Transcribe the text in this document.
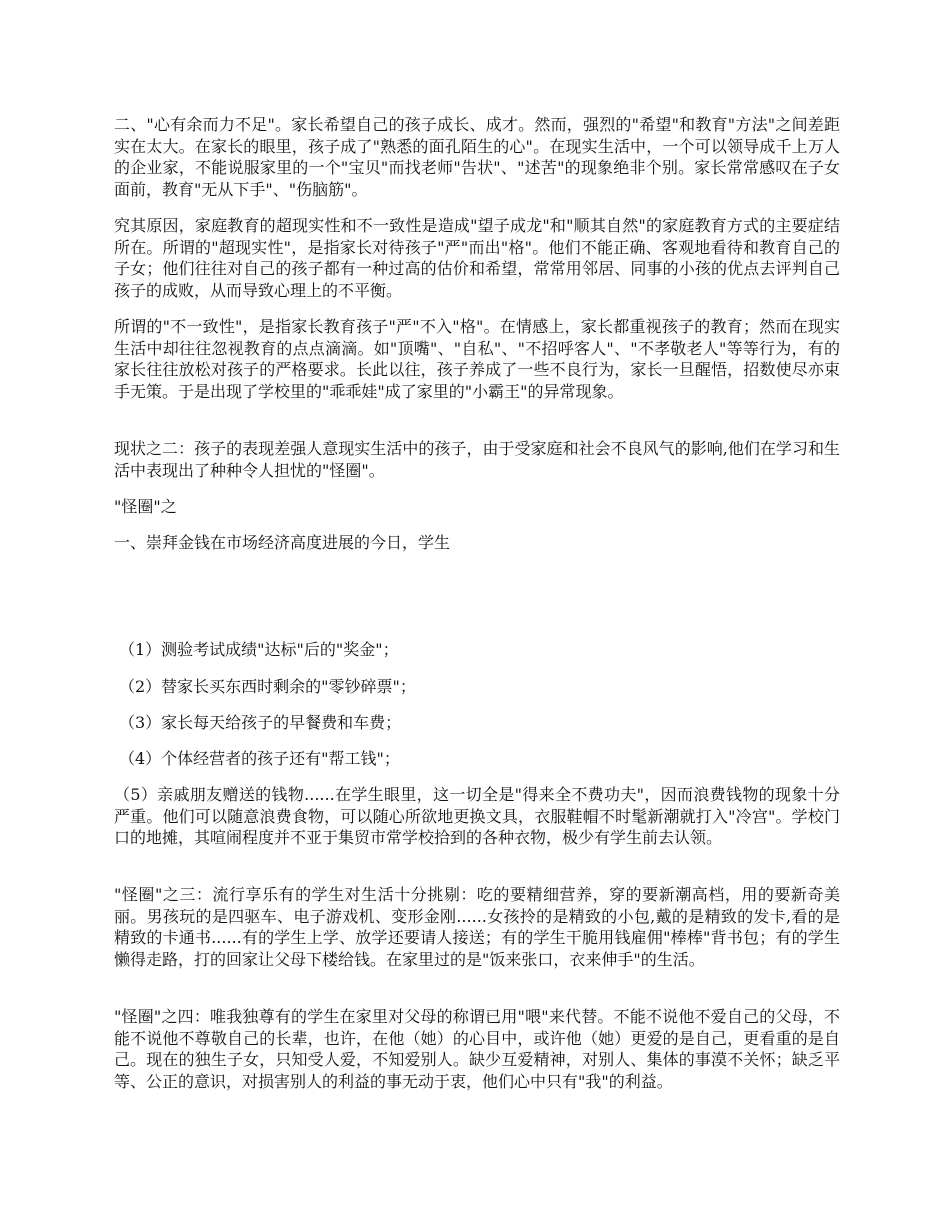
二、"心有余而力不足"。家长希望自己的孩子成长、成才。然而，强烈的"希望"和教育"方法"之间差距实在太大。在家长的眼里，孩子成了"熟悉的面孔陌生的心"。在现实生活中，一个可以领导成千上万人的企业家，不能说服家里的一个"宝贝"而找老师"告状"、"述苦"的现象绝非个别。家长常常感叹在子女面前，教育"无从下手"、"伤脑筋"。

究其原因，家庭教育的超现实性和不一致性是造成"望子成龙"和"顺其自然"的家庭教育方式的主要症结所在。所谓的"超现实性"，是指家长对待孩子"严"而出"格"。他们不能正确、客观地看待和教育自己的子女；他们往往对自己的孩子都有一种过高的估价和希望，常常用邻居、同事的小孩的优点去评判自己孩子的成败，从而导致心理上的不平衡。

所谓的"不一致性"，是指家长教育孩子"严"不入"格"。在情感上，家长都重视孩子的教育；然而在现实生活中却往往忽视教育的点点滴滴。如"顶嘴"、"自私"、"不招呼客人"、"不孝敬老人"等等行为，有的家长往往放松对孩子的严格要求。长此以往，孩子养成了一些不良行为，家长一旦醒悟，招数使尽亦束手无策。于是出现了学校里的"乖乖娃"成了家里的"小霸王"的异常现象。

现状之二：孩子的表现差强人意现实生活中的孩子，由于受家庭和社会不良风气的影响,他们在学习和生活中表现出了种种令人担忧的"怪圈"。

"怪圈"之

一、崇拜金钱在市场经济高度进展的今日，学生

（1）测验考试成绩"达标"后的"奖金"；

（2）替家长买东西时剩余的"零钞碎票"；

（3）家长每天给孩子的早餐费和车费；

（4）个体经营者的孩子还有"帮工钱"；

（5）亲戚朋友赠送的钱物......在学生眼里，这一切全是"得来全不费功夫"，因而浪费钱物的现象十分严重。他们可以随意浪费食物，可以随心所欲地更换文具，衣服鞋帽不时髦新潮就打入"冷宫"。学校门口的地摊，其喧闹程度并不亚于集贸市常学校拾到的各种衣物，极少有学生前去认领。

"怪圈"之三：流行享乐有的学生对生活十分挑剔：吃的要精细营养，穿的要新潮高档，用的要新奇美丽。男孩玩的是四驱车、电子游戏机、变形金刚......女孩拎的是精致的小包,戴的是精致的发卡,看的是精致的卡通书......有的学生上学、放学还要请人接送；有的学生干脆用钱雇佣"棒棒"背书包；有的学生懒得走路，打的回家让父母下楼给钱。在家里过的是"饭来张口，衣来伸手"的生活。

"怪圈"之四：唯我独尊有的学生在家里对父母的称谓已用"喂"来代替。不能不说他不爱自己的父母，不能不说他不尊敬自己的长辈，也许，在他（她）的心目中，或许他（她）更爱的是自己，更看重的是自己。现在的独生子女，只知受人爱，不知爱别人。缺少互爱精神，对别人、集体的事漠不关怀；缺乏平等、公正的意识，对损害别人的利益的事无动于衷，他们心中只有"我"的利益。
